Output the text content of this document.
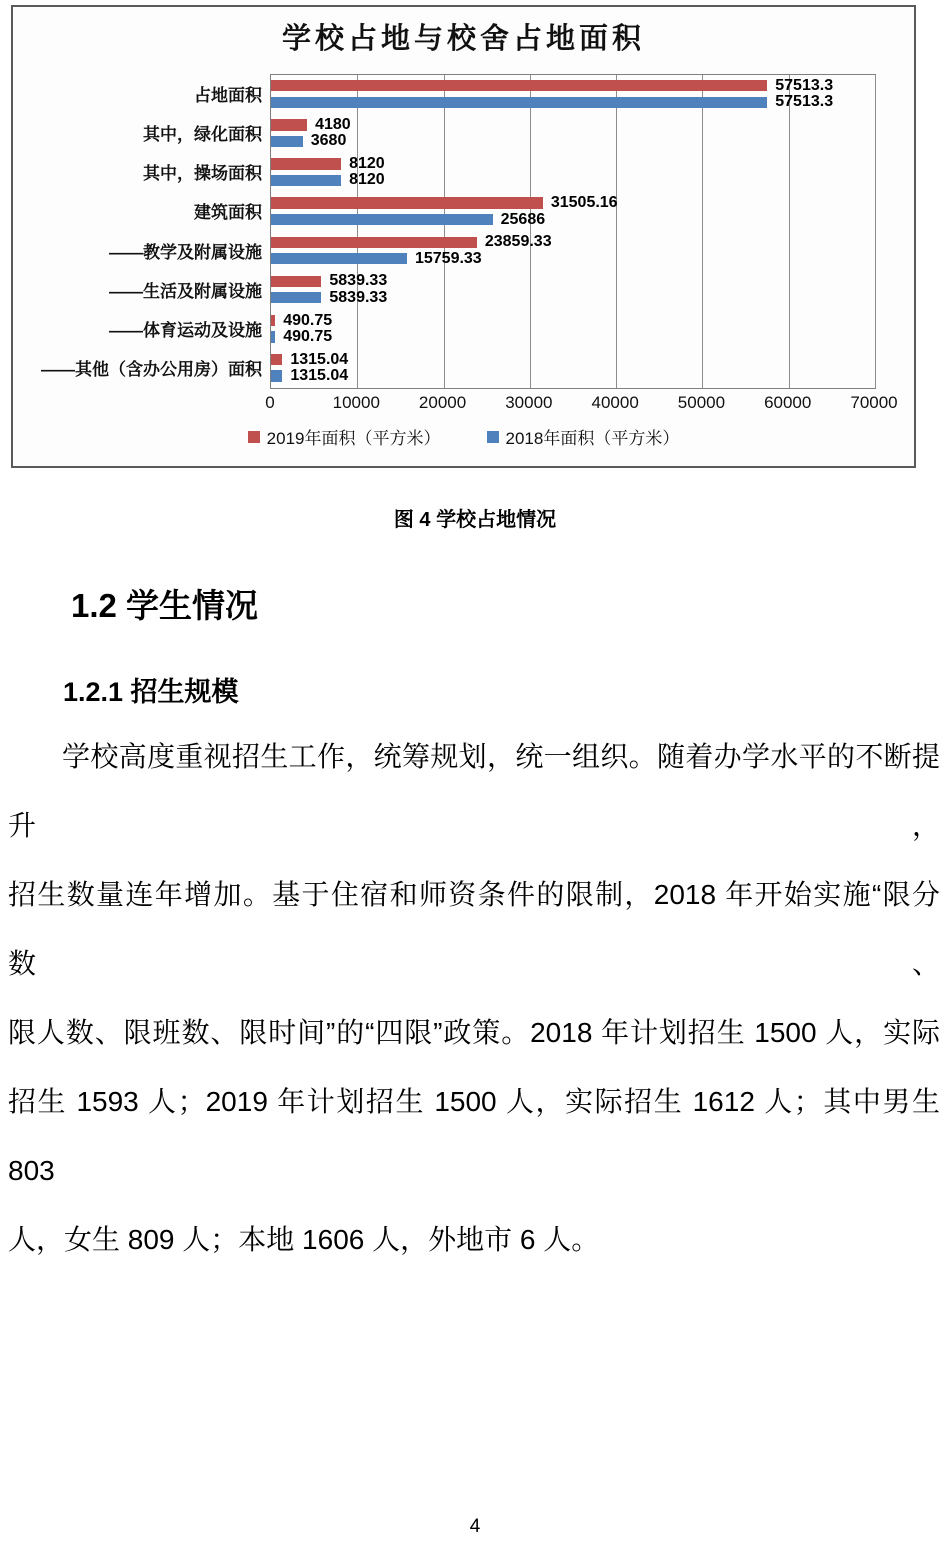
学校占地与校舍占地面积
占地面积
其中，绿化面积
其中，操场面积
建筑面积
——教学及附属设施
——生活及附属设施
——体育运动及设施
——其他（含办公用房）面积
57513.3
57513.3
4180
3680
8120
8120
31505.16
25686
23859.33
15759.33
5839.33
5839.33
490.75
490.75
1315.04
1315.04
0	10000 20000 30000 40000 50000 60000 70000
2019年面积（平方米）	2018年面积（平方米）
图 4 学校占地情况
1.2 学生情况
1.2.1 招生规模
学校高度重视招生工作，统筹规划，统一组织。随着办学水平的不断提升，
招生数量连年增加。基于住宿和师资条件的限制，2018 年开始实施“限分数、
限人数、限班数、限时间”的“四限”政策。2018 年计划招生 1500 人，实际
招生 1593 人；2019 年计划招生 1500 人，实际招生 1612 人；其中男生 803
人，女生 809 人；本地 1606 人，外地市 6 人。
4
